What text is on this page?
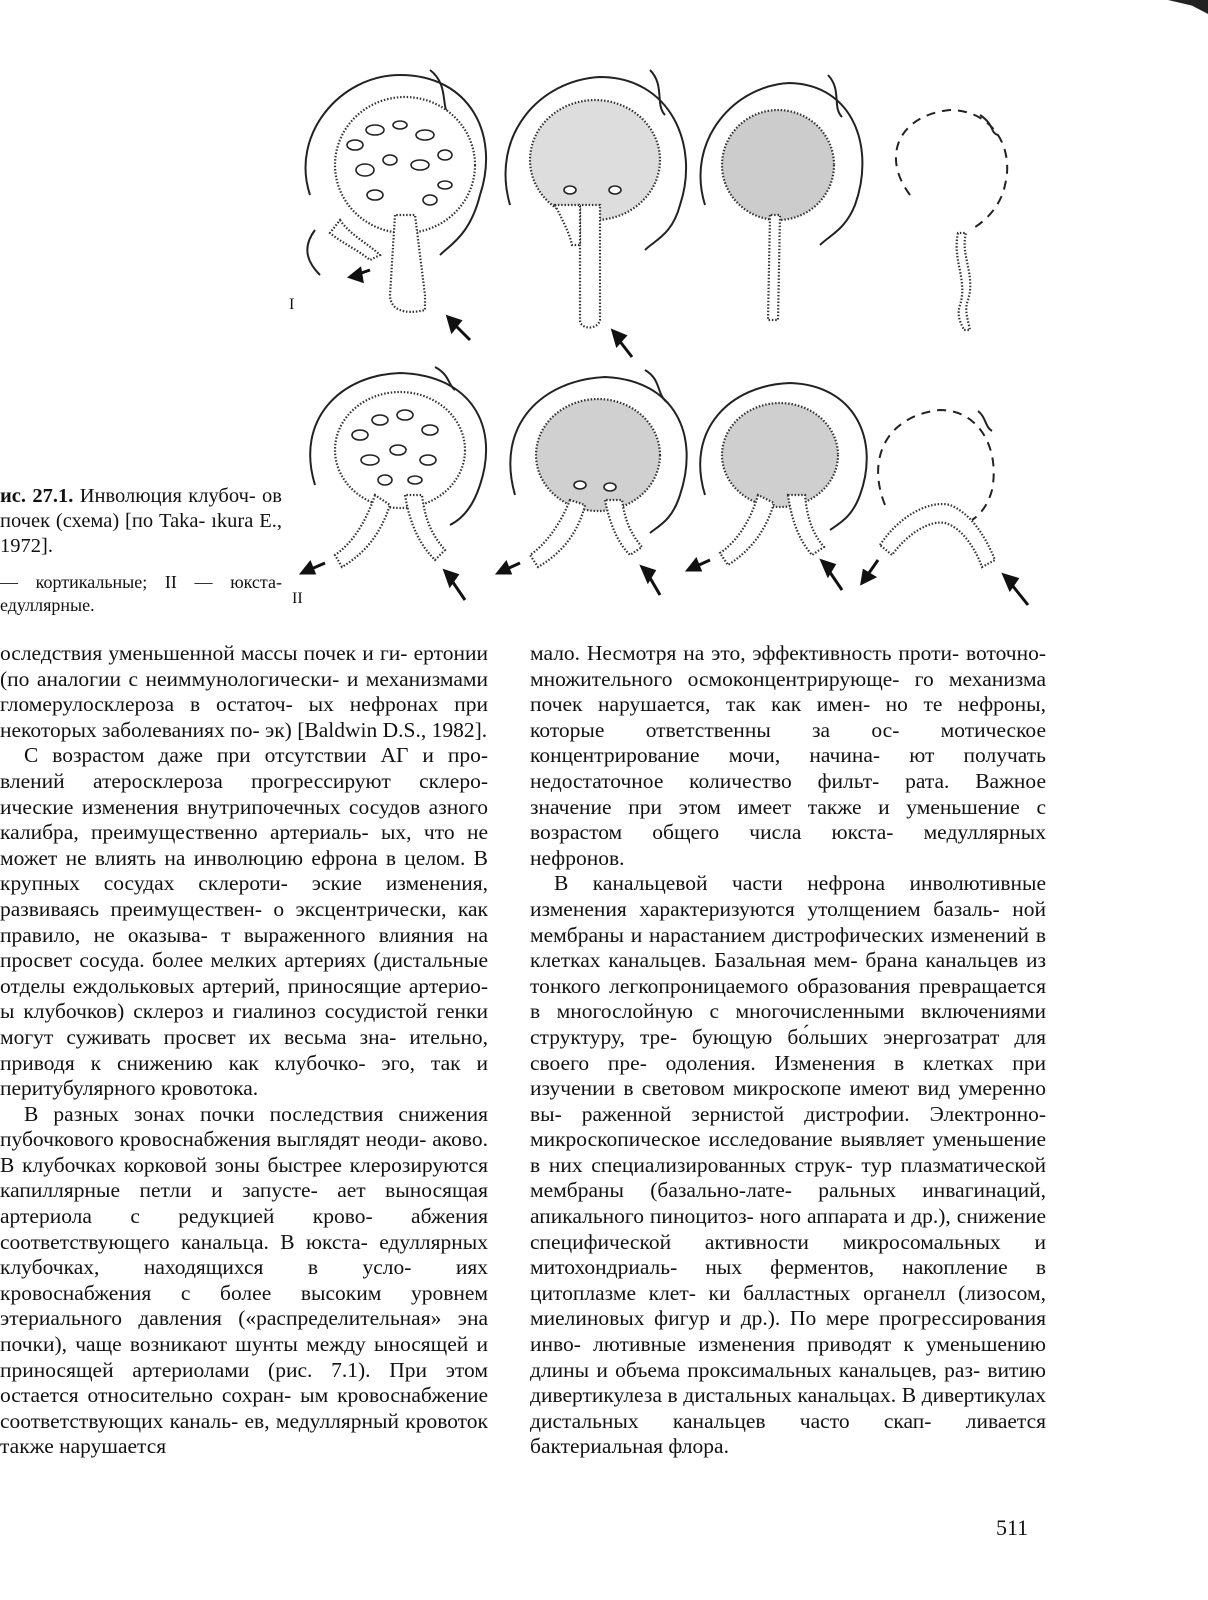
I
II
ис. 27.1. Инволюция клубоч- ов почек (схема) [по Taka- ıkura E., 1972].
— кортикальные; II — юкста- едуллярные.

оследствия уменьшенной массы почек и ги- ертонии (по аналогии с неиммунологически- и механизмами гломерулосклероза в остаточ- ых нефронах при некоторых заболеваниях по- эк) [Baldwin D.S., 1982].

С возрастом даже при отсутствии АГ и про- влений атеросклероза прогрессируют склеро- ические изменения внутрипочечных сосудов азного калибра, преимущественно артериаль- ых, что не может не влиять на инволюцию ефрона в целом. В крупных сосудах склероти- эские изменения, развиваясь преимуществен- о эксцентрически, как правило, не оказыва- т выраженного влияния на просвет сосуда. более мелких артериях (дистальные отделы еждольковых артерий, приносящие артерио- ы клубочков) склероз и гиалиноз сосудистой генки могут суживать просвет их весьма зна- ительно, приводя к снижению как клубочко- эго, так и перитубулярного кровотока.

В разных зонах почки последствия снижения пубочкового кровоснабжения выглядят неоди- аково. В клубочках корковой зоны быстрее клерозируются капиллярные петли и запусте- ает выносящая артериола с редукцией крово- абжения соответствующего канальца. В юкста- едуллярных клубочках, находящихся в усло- иях кровоснабжения с более высоким уровнем этериального давления («распределительная» эна почки), чаще возникают шунты между ыносящей и приносящей артериолами (рис. 7.1). При этом остается относительно сохран- ым кровоснабжение соответствующих каналь- ев, медуллярный кровоток также нарушается

мало. Несмотря на это, эффективность проти- воточно-множительного осмоконцентрирующе- го механизма почек нарушается, так как имен- но те нефроны, которые ответственны за ос- мотическое концентрирование мочи, начина- ют получать недостаточное количество фильт- рата. Важное значение при этом имеет также и уменьшение с возрастом общего числа юкста- медуллярных нефронов.

В канальцевой части нефрона инволютивные изменения характеризуются утолщением базаль- ной мембраны и нарастанием дистрофических изменений в клетках канальцев. Базальная мем- брана канальцев из тонкого легкопроницаемого образования превращается в многослойную с многочисленными включениями структуру, тре- бующую бо́льших энергозатрат для своего пре- одоления. Изменения в клетках при изучении в световом микроскопе имеют вид умеренно вы- раженной зернистой дистрофии. Электронно- микроскопическое исследование выявляет уменьшение в них специализированных струк- тур плазматической мембраны (базально-лате- ральных инвагинаций, апикального пиноцитоз- ного аппарата и др.), снижение специфической активности микросомальных и митохондриаль- ных ферментов, накопление в цитоплазме клет- ки балластных органелл (лизосом, миелиновых фигур и др.). По мере прогрессирования инво- лютивные изменения приводят к уменьшению длины и объема проксимальных канальцев, раз- витию дивертикулеза в дистальных канальцах. В дивертикулах дистальных канальцев часто скап- ливается бактериальная флора.

511
